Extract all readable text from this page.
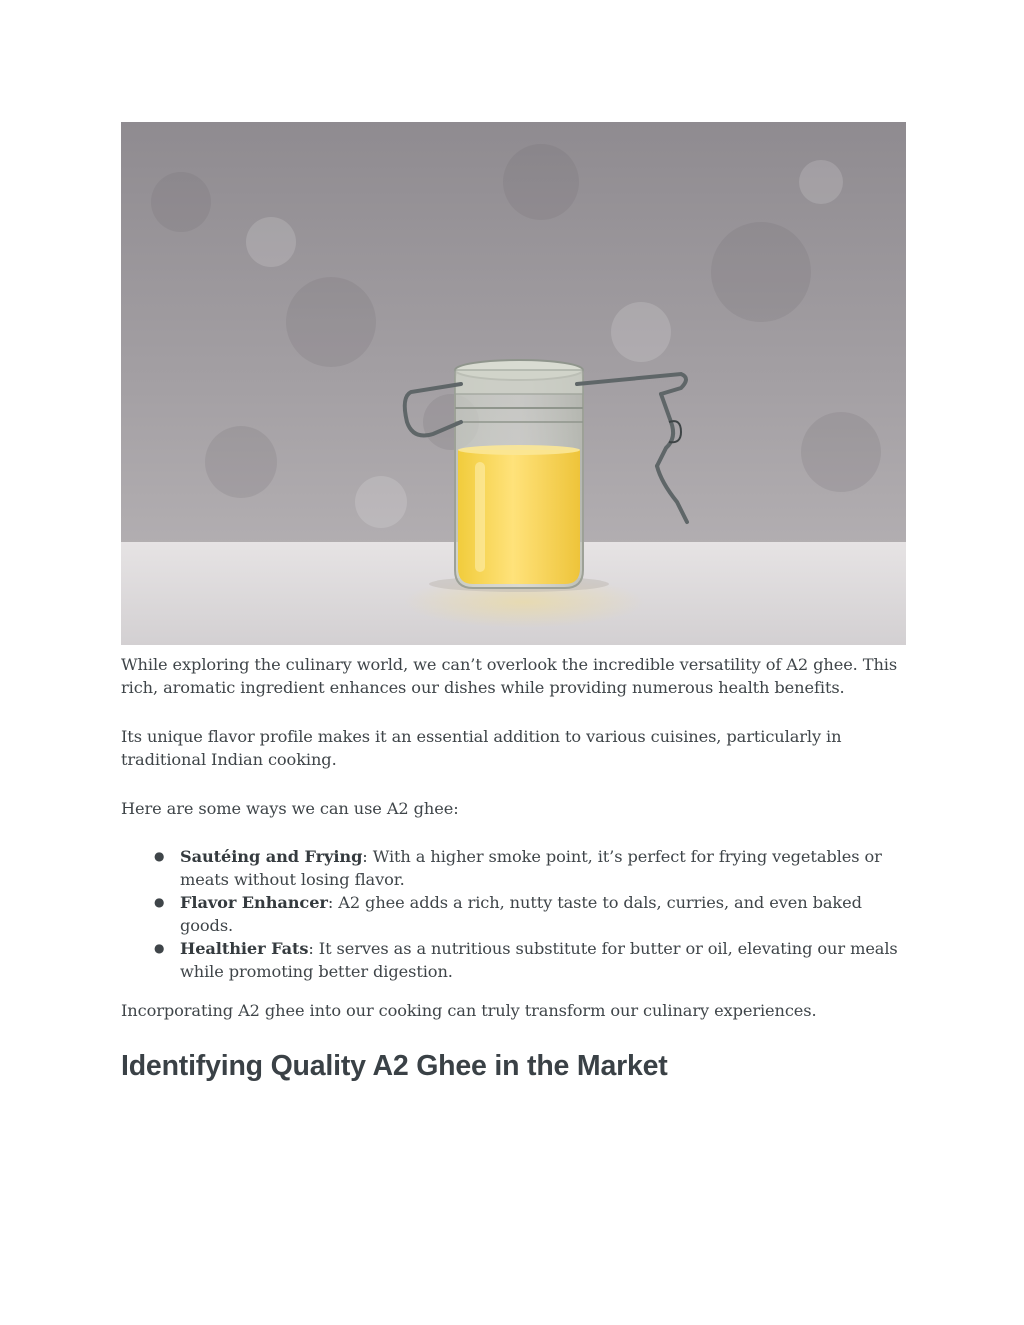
While exploring the culinary world, we can’t overlook the incredible versatility of A2 ghee. This rich, aromatic ingredient enhances our dishes while providing numerous health benefits.

Its unique flavor profile makes it an essential addition to various cuisines, particularly in traditional Indian cooking.

Here are some ways we can use A2 ghee:

● Sautéing and Frying: With a higher smoke point, it’s perfect for frying vegetables or meats without losing flavor.
● Flavor Enhancer: A2 ghee adds a rich, nutty taste to dals, curries, and even baked goods.
● Healthier Fats: It serves as a nutritious substitute for butter or oil, elevating our meals while promoting better digestion.

Incorporating A2 ghee into our cooking can truly transform our culinary experiences.

Identifying Quality A2 Ghee in the Market
